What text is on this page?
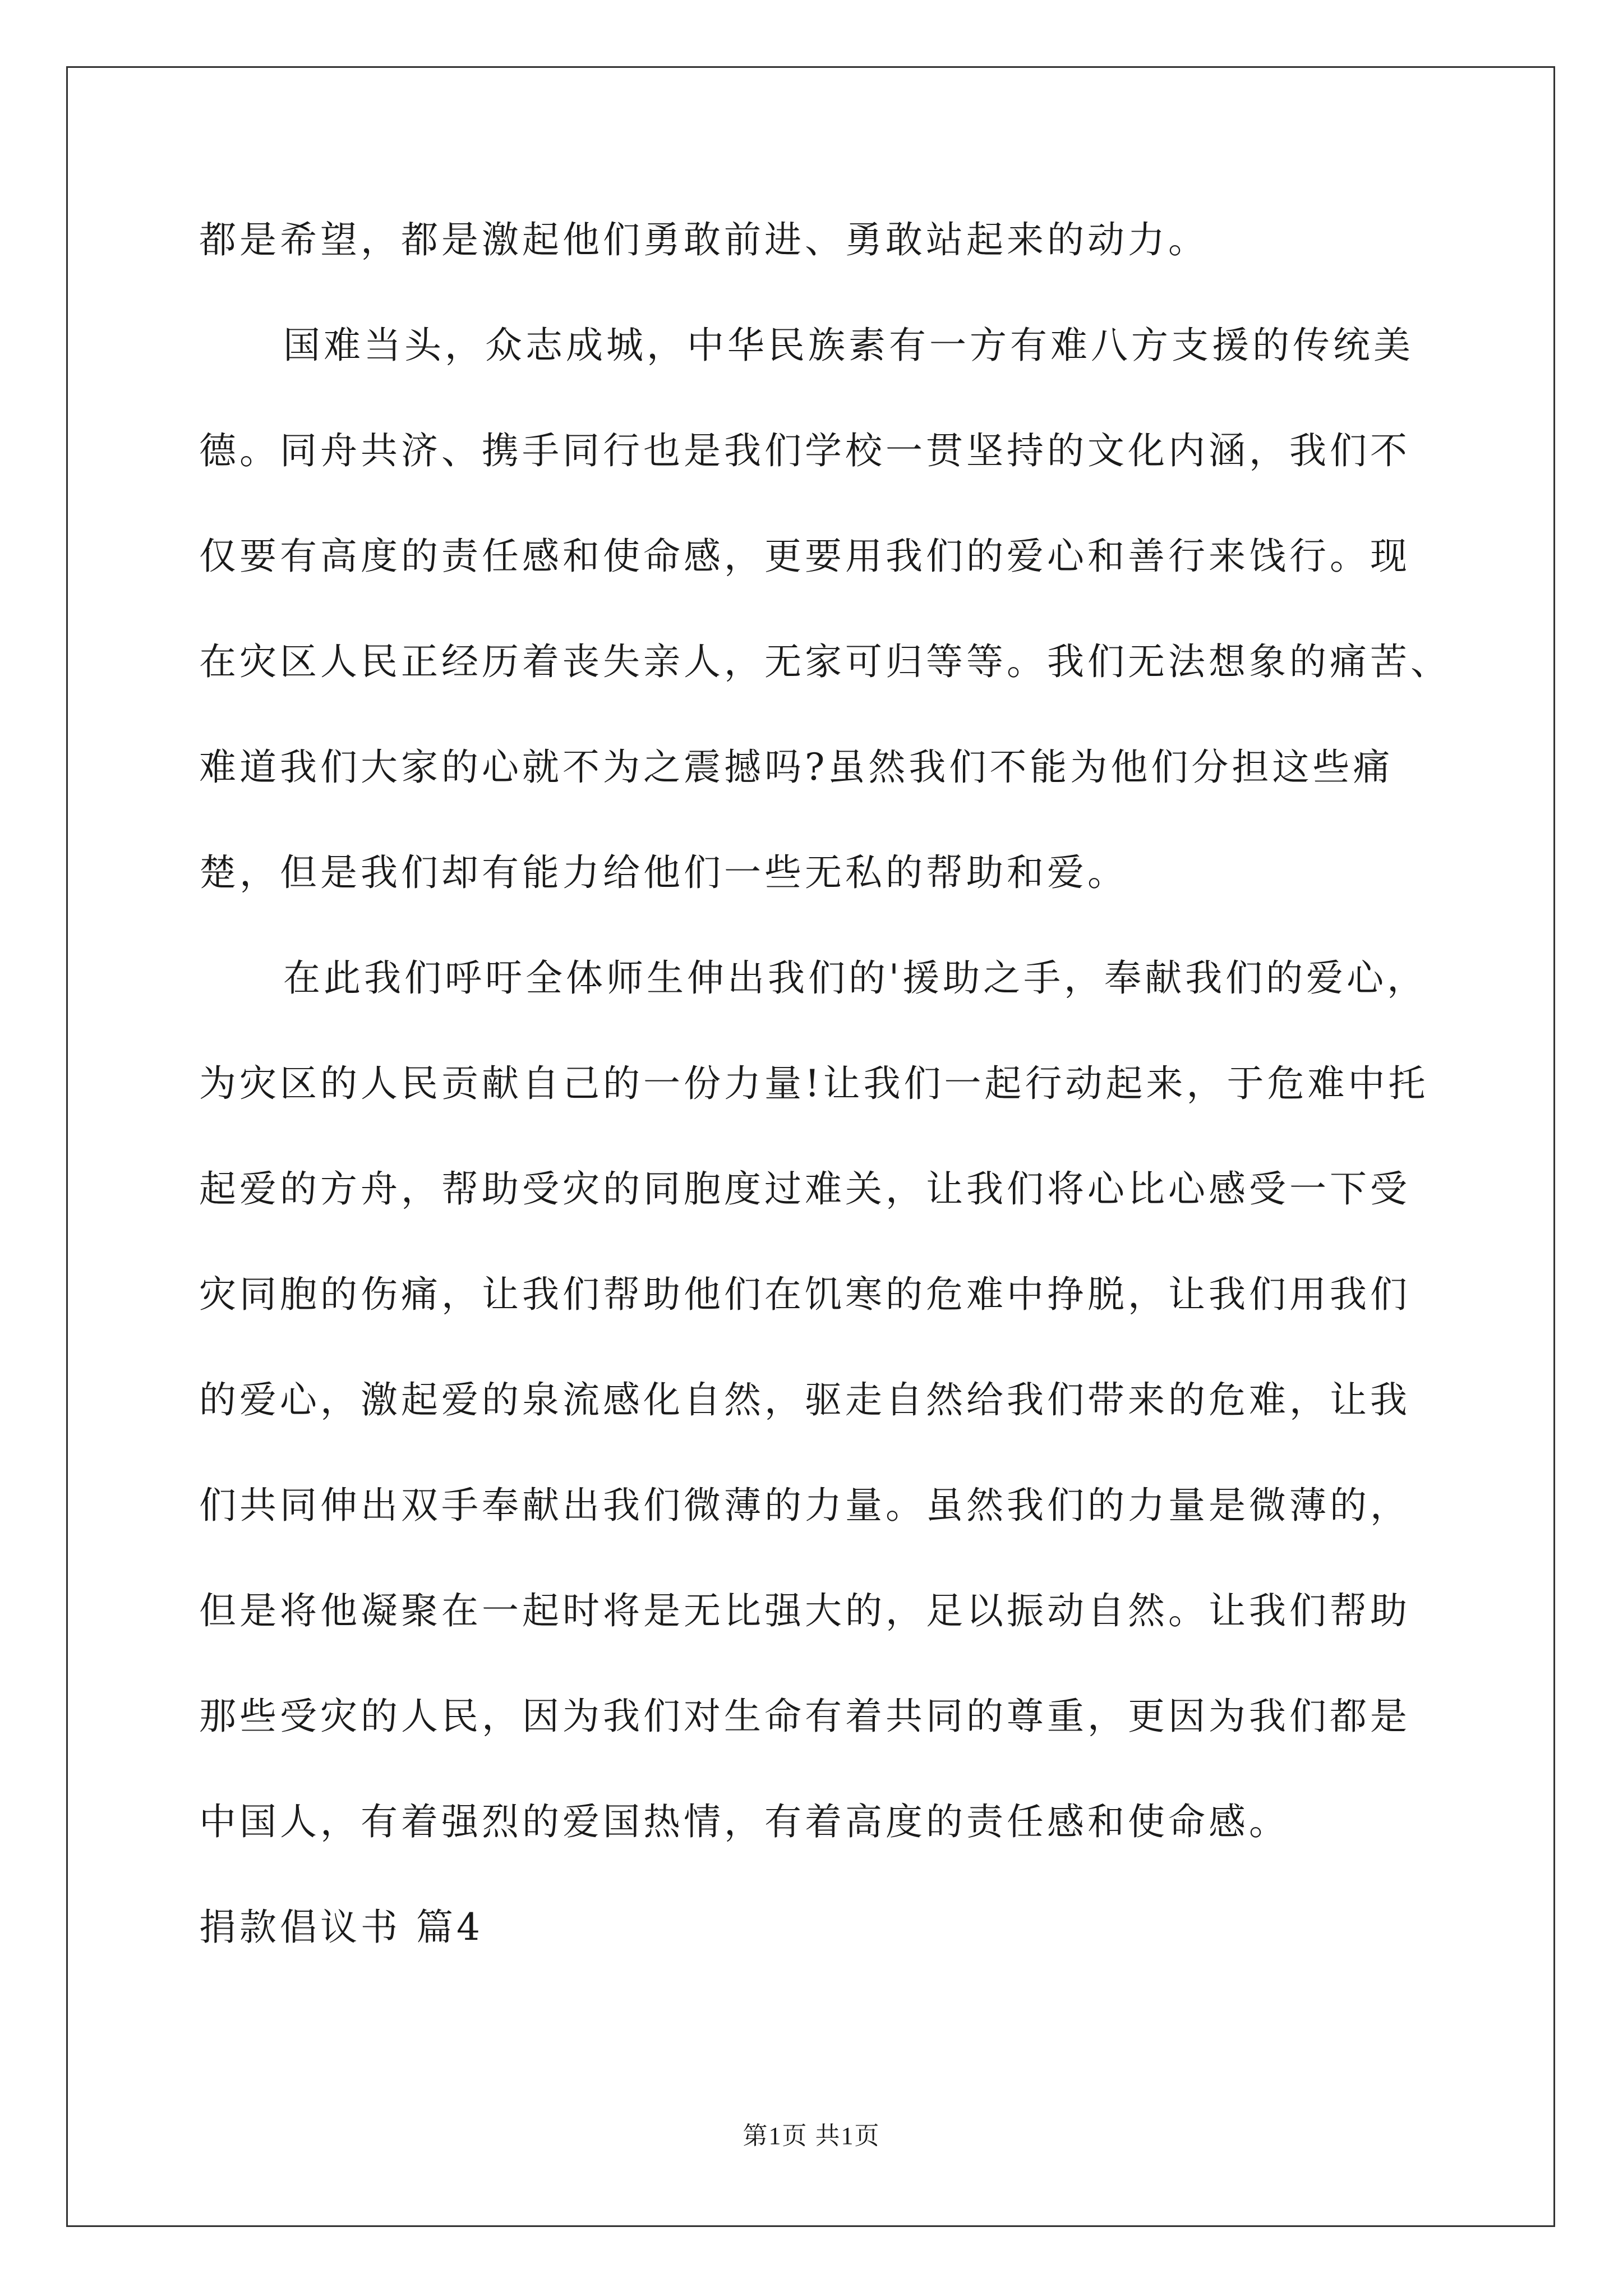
都是希望，都是激起他们勇敢前进、勇敢站起来的动力。
国难当头，众志成城，中华民族素有一方有难八方支援的传统美
德。同舟共济、携手同行也是我们学校一贯坚持的文化内涵，我们不
仅要有高度的责任感和使命感，更要用我们的爱心和善行来饯行。现
在灾区人民正经历着丧失亲人，无家可归等等。我们无法想象的痛苦、
难道我们大家的心就不为之震撼吗?虽然我们不能为他们分担这些痛
楚，但是我们却有能力给他们一些无私的帮助和爱。
在此我们呼吁全体师生伸出我们的'援助之手，奉献我们的爱心，
为灾区的人民贡献自己的一份力量!让我们一起行动起来，于危难中托
起爱的方舟，帮助受灾的同胞度过难关，让我们将心比心感受一下受
灾同胞的伤痛，让我们帮助他们在饥寒的危难中挣脱，让我们用我们
的爱心，激起爱的泉流感化自然，驱走自然给我们带来的危难，让我
们共同伸出双手奉献出我们微薄的力量。虽然我们的力量是微薄的，
但是将他凝聚在一起时将是无比强大的，足以振动自然。让我们帮助
那些受灾的人民，因为我们对生命有着共同的尊重，更因为我们都是
中国人，有着强烈的爱国热情，有着高度的责任感和使命感。
捐款倡议书 篇4
第1页 共1页
